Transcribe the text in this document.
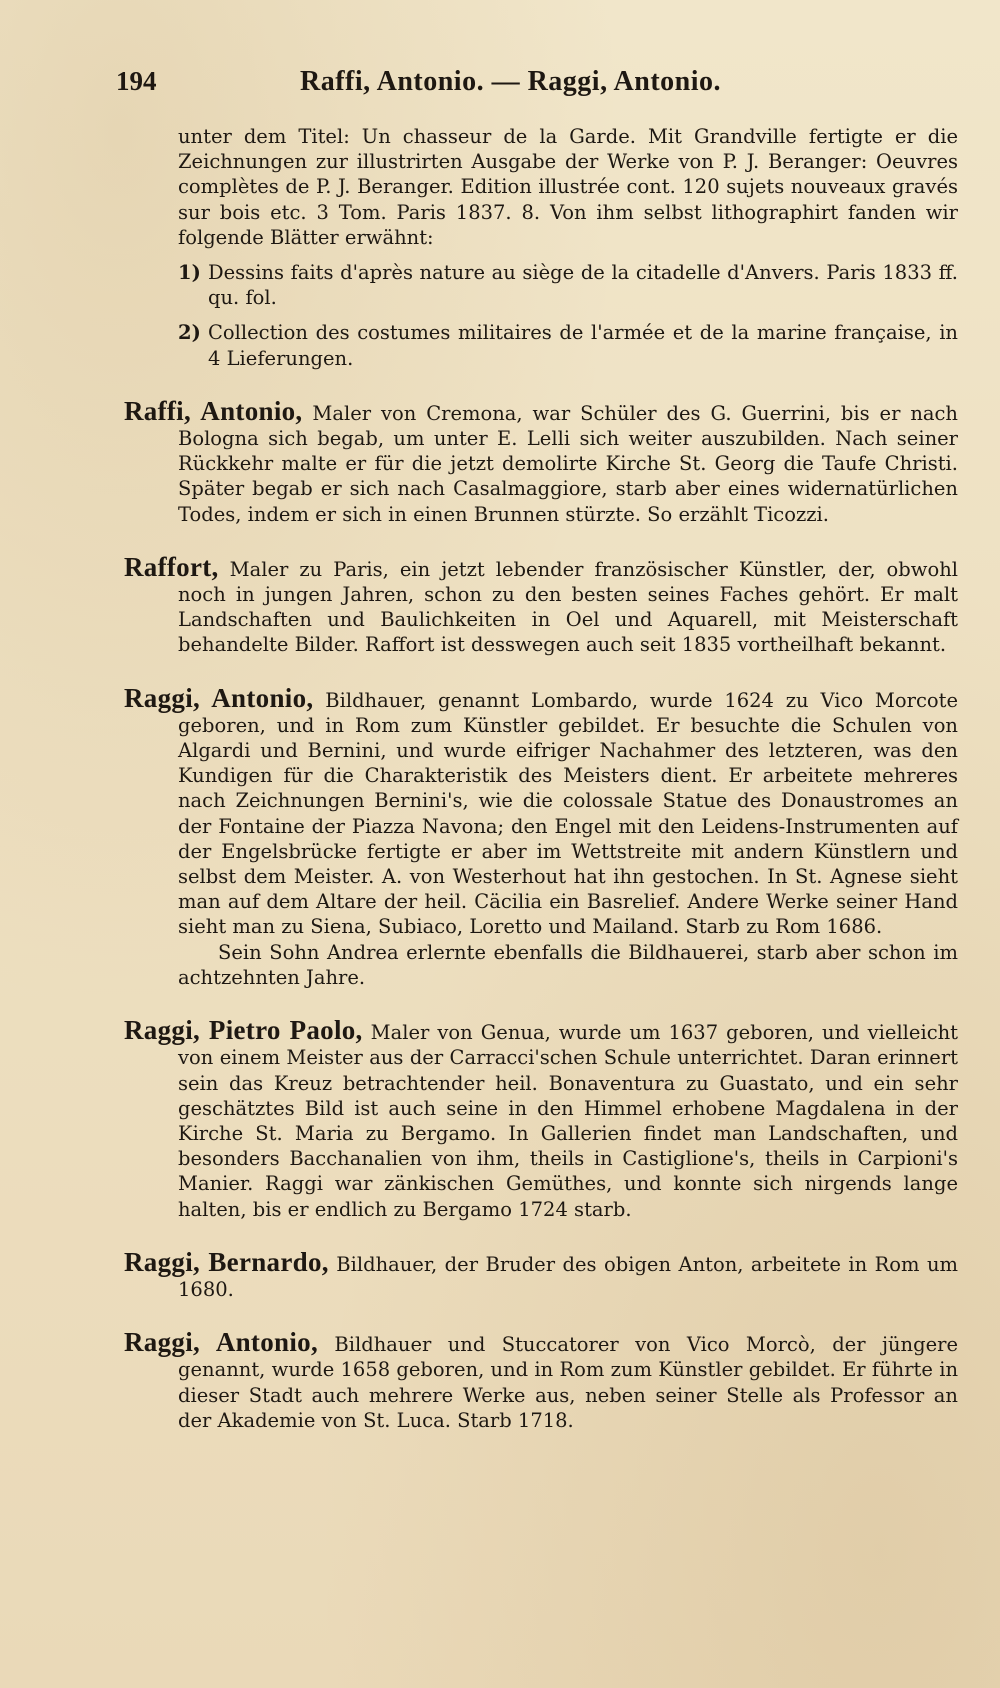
194	Raffi, Antonio. — Raggi, Antonio.

unter dem Titel: Un chasseur de la Garde. Mit Grandville fertigte er die Zeichnungen zur illustrirten Ausgabe der Werke von P. J. Beranger: Oeuvres complètes de P. J. Beranger. Edition illustrée cont. 120 sujets nouveaux gravés sur bois etc. 3 Tom. Paris 1837. 8. Von ihm selbst lithographirt fanden wir folgende Blätter erwähnt:

1) Dessins faits d'après nature au siège de la citadelle d'Anvers. Paris 1833 ff. qu. fol.

2) Collection des costumes militaires de l'armée et de la marine française, in 4 Lieferungen.

Raffi, Antonio, Maler von Cremona, war Schüler des G. Guerrini, bis er nach Bologna sich begab, um unter E. Lelli sich weiter auszubilden. Nach seiner Rückkehr malte er für die jetzt demolirte Kirche St. Georg die Taufe Christi. Später begab er sich nach Casalmaggiore, starb aber eines widernatürlichen Todes, indem er sich in einen Brunnen stürzte. So erzählt Ticozzi.

Raffort, Maler zu Paris, ein jetzt lebender französischer Künstler, der, obwohl noch in jungen Jahren, schon zu den besten seines Faches gehört. Er malt Landschaften und Baulichkeiten in Oel und Aquarell, mit Meisterschaft behandelte Bilder. Raffort ist desswegen auch seit 1835 vortheilhaft bekannt.

Raggi, Antonio, Bildhauer, genannt Lombardo, wurde 1624 zu Vico Morcote geboren, und in Rom zum Künstler gebildet. Er besuchte die Schulen von Algardi und Bernini, und wurde eifriger Nachahmer des letzteren, was den Kundigen für die Charakteristik des Meisters dient. Er arbeitete mehreres nach Zeichnungen Bernini's, wie die colossale Statue des Donaustromes an der Fontaine der Piazza Navona; den Engel mit den Leidens-Instrumenten auf der Engelsbrücke fertigte er aber im Wettstreite mit andern Künstlern und selbst dem Meister. A. von Westerhout hat ihn gestochen. In St. Agnese sieht man auf dem Altare der heil. Cäcilia ein Basrelief. Andere Werke seiner Hand sieht man zu Siena, Subiaco, Loretto und Mailand. Starb zu Rom 1686.

Sein Sohn Andrea erlernte ebenfalls die Bildhauerei, starb aber schon im achtzehnten Jahre.

Raggi, Pietro Paolo, Maler von Genua, wurde um 1637 geboren, und vielleicht von einem Meister aus der Carracci'schen Schule unterrichtet. Daran erinnert sein das Kreuz betrachtender heil. Bonaventura zu Guastato, und ein sehr geschätztes Bild ist auch seine in den Himmel erhobene Magdalena in der Kirche St. Maria zu Bergamo. In Gallerien findet man Landschaften, und besonders Bacchanalien von ihm, theils in Castiglione's, theils in Carpioni's Manier. Raggi war zänkischen Gemüthes, und konnte sich nirgends lange halten, bis er endlich zu Bergamo 1724 starb.

Raggi, Bernardo, Bildhauer, der Bruder des obigen Anton, arbeitete in Rom um 1680.

Raggi, Antonio, Bildhauer und Stuccatorer von Vico Morcò, der jüngere genannt, wurde 1658 geboren, und in Rom zum Künstler gebildet. Er führte in dieser Stadt auch mehrere Werke aus, neben seiner Stelle als Professor an der Akademie von St. Luca. Starb 1718.
